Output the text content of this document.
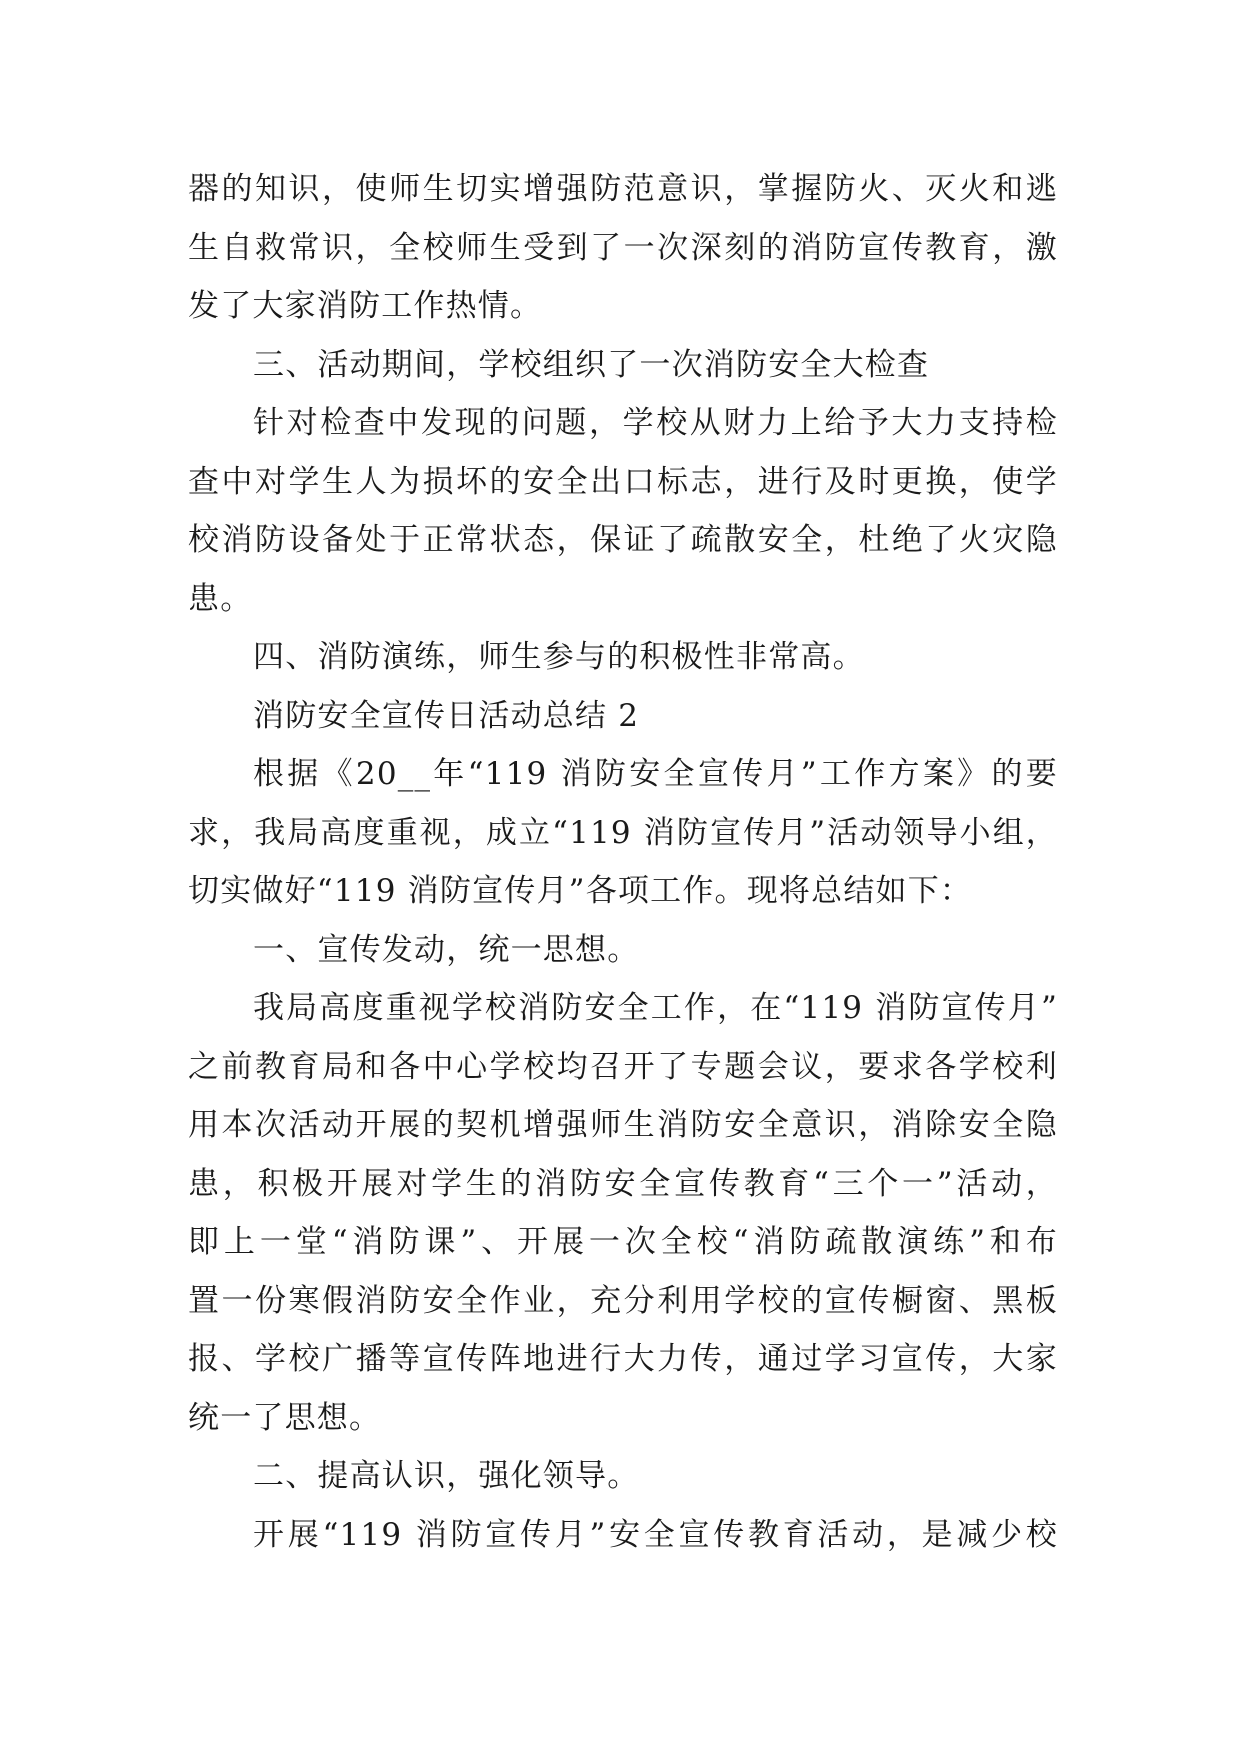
器的知识，使师生切实增强防范意识，掌握防火、灭火和逃
生自救常识，全校师生受到了一次深刻的消防宣传教育，激
发了大家消防工作热情。
三、活动期间，学校组织了一次消防安全大检查
针对检查中发现的问题，学校从财力上给予大力支持检
查中对学生人为损坏的安全出口标志，进行及时更换，使学
校消防设备处于正常状态，保证了疏散安全，杜绝了火灾隐
患。
四、消防演练，师生参与的积极性非常高。
消防安全宣传日活动总结 2
根据《20__年“119 消防安全宣传月”工作方案》的要
求，我局高度重视，成立“119 消防宣传月”活动领导小组，
切实做好“119 消防宣传月”各项工作。现将总结如下：
一、宣传发动，统一思想。
我局高度重视学校消防安全工作，在“119 消防宣传月”
之前教育局和各中心学校均召开了专题会议，要求各学校利
用本次活动开展的契机增强师生消防安全意识，消除安全隐
患，积极开展对学生的消防安全宣传教育“三个一”活动，
即上一堂“消防课”、开展一次全校“消防疏散演练”和布
置一份寒假消防安全作业，充分利用学校的宣传橱窗、黑板
报、学校广播等宣传阵地进行大力传，通过学习宣传，大家
统一了思想。
二、提高认识，强化领导。
开展“119 消防宣传月”安全宣传教育活动，是减少校
